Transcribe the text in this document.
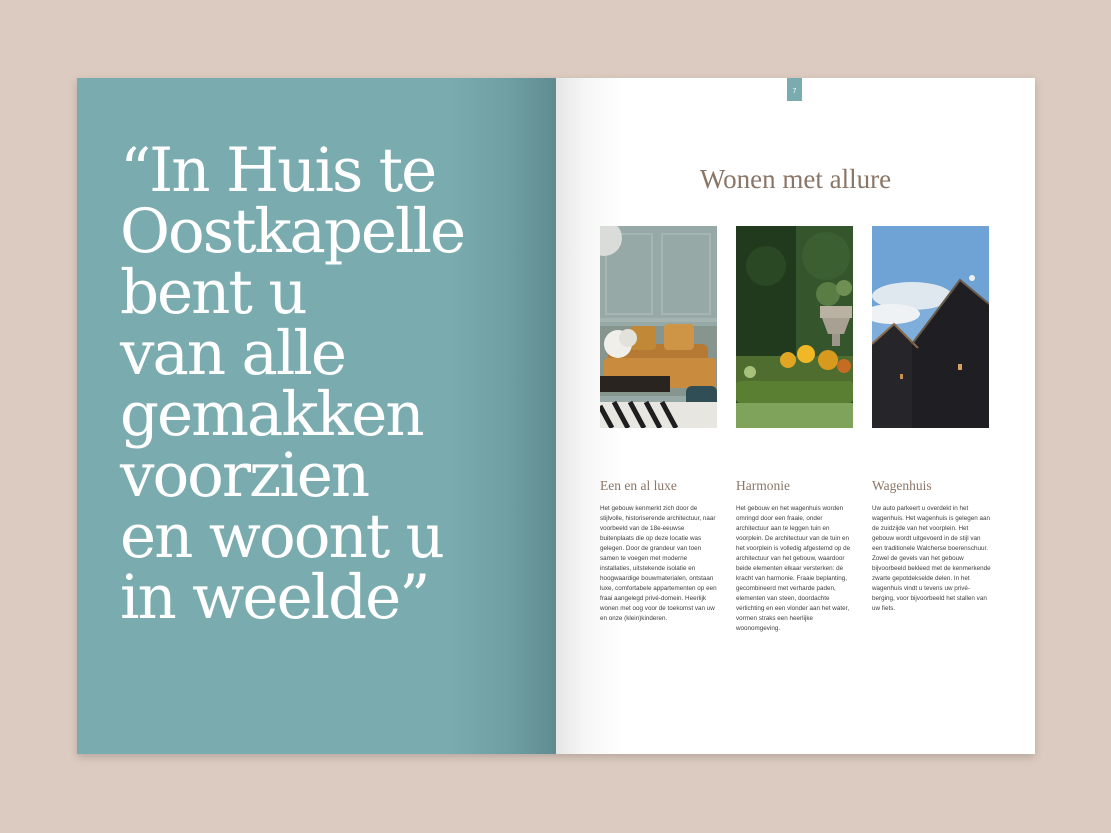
“In Huis te
Oostkapelle
bent u
van alle
gemakken
voorzien
en woont u
in weelde”
7
Wonen met allure
Een en al luxe

Het gebouw kenmerkt zich door de stijlvolle, historiserende architectuur, naar voorbeeld van de 18e-eeuwse buitenplaats die op deze locatie was gelegen. Door de grandeur van toen samen te voegen met moderne installaties, uitstekende isolatie en hoogwaardige bouwmaterialen, ontstaan luxe, comfortabele appartementen op een fraai aangelegd privé-domein. Heerlijk wonen met oog voor de toekomst van uw en onze (klein)kinderen.

Harmonie

Het gebouw en het wagenhuis worden omringd door een fraaie, onder architectuur aan te leggen tuin en voorplein. De architectuur van de tuin en het voorplein is volledig afgestemd op de architectuur van het gebouw, waardoor beide elementen elkaar versterken: de kracht van harmonie. Fraaie beplanting, gecombineerd met verharde paden, elementen van steen, doordachte verlichting en een vlonder aan het water, vormen straks een heerlijke woonomgeving.

Wagenhuis

Uw auto parkeert u overdekt in het wagenhuis. Het wagenhuis is gelegen aan de zuidzijde van het voorplein. Het gebouw wordt uitgevoerd in de stijl van een traditionele Walcherse boerenschuur. Zowel de gevels van het gebouw bijvoorbeeld bekleed met de kenmerkende zwarte gepotdekselde delen. In het wagenhuis vindt u tevens uw privé-berging, voor bijvoorbeeld het stallen van uw fiets.
